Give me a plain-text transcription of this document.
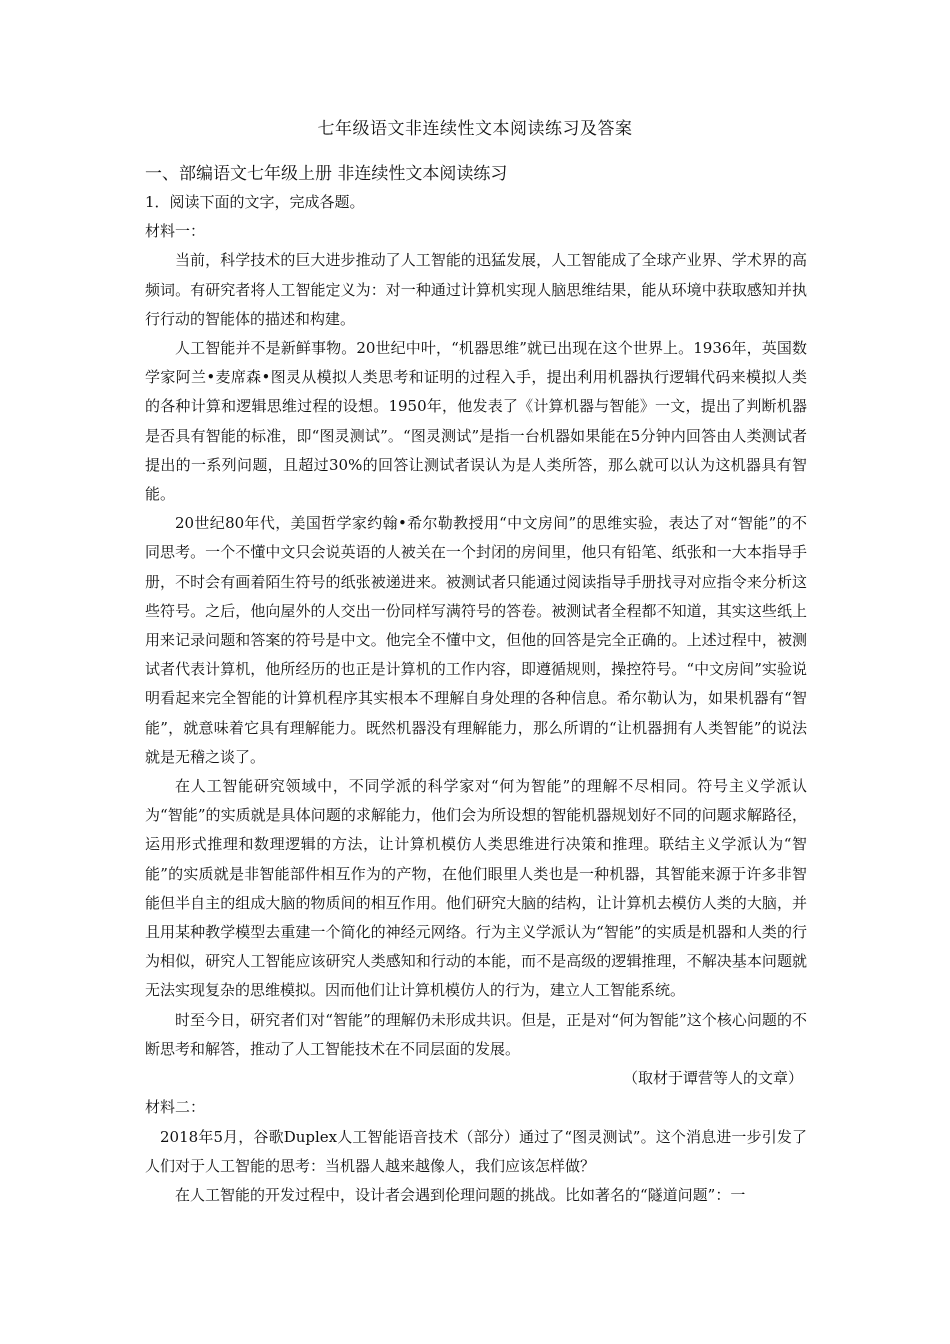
七年级语文非连续性文本阅读练习及答案

一、部编语文七年级上册 非连续性文本阅读练习

1．阅读下面的文字，完成各题。

材料一：

当前，科学技术的巨大进步推动了人工智能的迅猛发展，人工智能成了全球产业界、学术界的高频词。有研究者将人工智能定义为：对一种通过计算机实现人脑思维结果，能从环境中获取感知并执行行动的智能体的描述和构建。

人工智能并不是新鲜事物。20世纪中叶，“机器思维”就已出现在这个世界上。1936年，英国数学家阿兰•麦席森•图灵从模拟人类思考和证明的过程入手，提出利用机器执行逻辑代码来模拟人类的各种计算和逻辑思维过程的设想。1950年，他发表了《计算机器与智能》一文，提出了判断机器是否具有智能的标准，即“图灵测试”。“图灵测试”是指一台机器如果能在5分钟内回答由人类测试者提出的一系列问题，且超过30%的回答让测试者误认为是人类所答，那么就可以认为这机器具有智能。

20世纪80年代，美国哲学家约翰•希尔勒教授用“中文房间”的思维实验，表达了对“智能”的不同思考。一个不懂中文只会说英语的人被关在一个封闭的房间里，他只有铅笔、纸张和一大本指导手册，不时会有画着陌生符号的纸张被递进来。被测试者只能通过阅读指导手册找寻对应指令来分析这些符号。之后，他向屋外的人交出一份同样写满符号的答卷。被测试者全程都不知道，其实这些纸上用来记录问题和答案的符号是中文。他完全不懂中文，但他的回答是完全正确的。上述过程中，被测试者代表计算机，他所经历的也正是计算机的工作内容，即遵循规则，操控符号。“中文房间”实验说明看起来完全智能的计算机程序其实根本不理解自身处理的各种信息。希尔勒认为，如果机器有“智能”，就意味着它具有理解能力。既然机器没有理解能力，那么所谓的“让机器拥有人类智能”的说法就是无稽之谈了。

在人工智能研究领域中，不同学派的科学家对“何为智能”的理解不尽相同。符号主义学派认为“智能”的实质就是具体问题的求解能力，他们会为所设想的智能机器规划好不同的问题求解路径，运用形式推理和数理逻辑的方法，让计算机模仿人类思维进行决策和推理。联结主义学派认为“智能”的实质就是非智能部件相互作为的产物，在他们眼里人类也是一种机器，其智能来源于许多非智能但半自主的组成大脑的物质间的相互作用。他们研究大脑的结构，让计算机去模仿人类的大脑，并且用某种教学模型去重建一个简化的神经元网络。行为主义学派认为“智能”的实质是机器和人类的行为相似，研究人工智能应该研究人类感知和行动的本能，而不是高级的逻辑推理，不解决基本问题就无法实现复杂的思维模拟。因而他们让计算机模仿人的行为，建立人工智能系统。

时至今日，研究者们对“智能”的理解仍未形成共识。但是，正是对“何为智能”这个核心问题的不断思考和解答，推动了人工智能技术在不同层面的发展。

（取材于谭营等人的文章）

材料二：

2018年5月，谷歌Duplex人工智能语音技术（部分）通过了“图灵测试”。这个消息进一步引发了人们对于人工智能的思考：当机器人越来越像人，我们应该怎样做？

在人工智能的开发过程中，设计者会遇到伦理问题的挑战。比如著名的“隧道问题”：一
